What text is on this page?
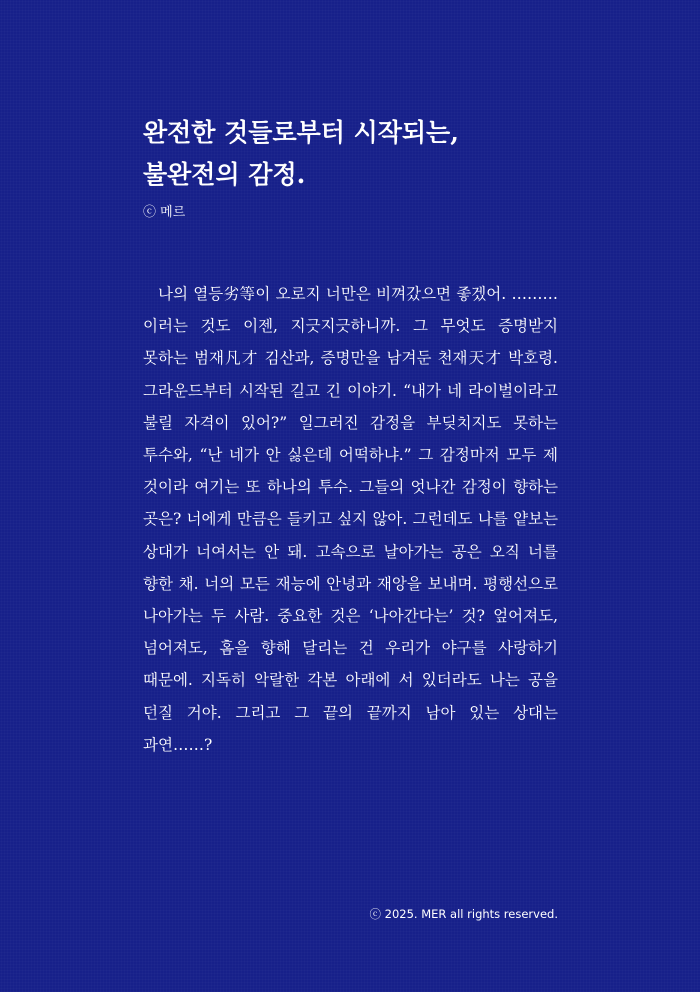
완전한 것들로부터 시작되는,
불완전의 감정.
ⓒ 메르

나의 열등劣等이 오로지 너만은 비껴갔으면 좋겠어. ………이러는 것도 이젠, 지긋지긋하니까. 그 무엇도 증명받지 못하는 범재凡才 김산과, 증명만을 남겨둔 천재天才 박호령. 그라운드부터 시작된 길고 긴 이야기. “내가 네 라이벌이라고 불릴 자격이 있어?” 일그러진 감정을 부딪치지도 못하는 투수와, “난 네가 안 싫은데 어떡하냐.” 그 감정마저 모두 제 것이라 여기는 또 하나의 투수. 그들의 엇나간 감정이 향하는 곳은? 너에게 만큼은 들키고 싶지 않아. 그런데도 나를 얕보는 상대가 너여서는 안 돼. 고속으로 날아가는 공은 오직 너를 향한 채. 너의 모든 재능에 안녕과 재앙을 보내며. 평행선으로 나아가는 두 사람. 중요한 것은 ‘나아간다는’ 것? 엎어져도, 넘어져도, 홈을 향해 달리는 건 우리가 야구를 사랑하기 때문에. 지독히 악랄한 각본 아래에 서 있더라도 나는 공을 던질 거야. 그리고 그 끝의 끝까지 남아 있는 상대는 과연……?

ⓒ 2025. MER all rights reserved.
